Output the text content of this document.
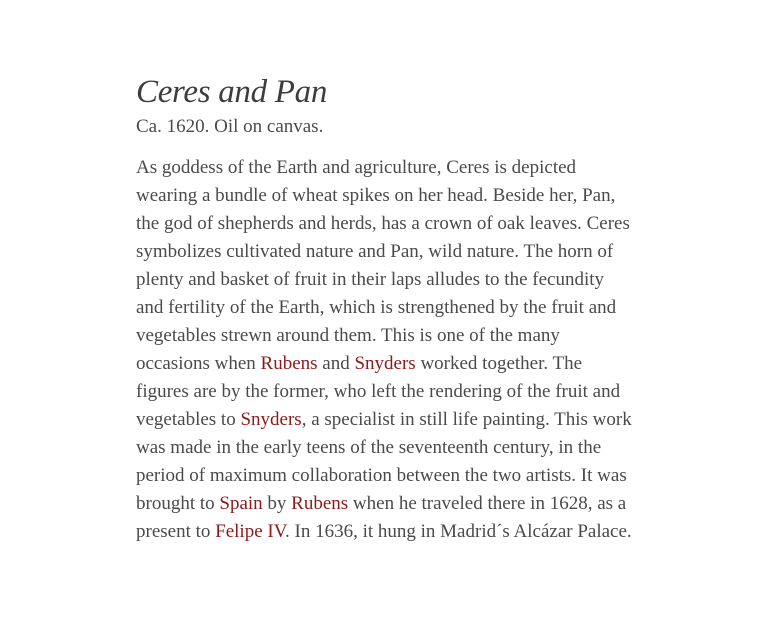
Ceres and Pan

Ca. 1620. Oil on canvas.

As goddess of the Earth and agriculture, Ceres is depicted wearing a bundle of wheat spikes on her head. Beside her, Pan, the god of shepherds and herds, has a crown of oak leaves. Ceres symbolizes cultivated nature and Pan, wild nature. The horn of plenty and basket of fruit in their laps alludes to the fecundity and fertility of the Earth, which is strengthened by the fruit and vegetables strewn around them. This is one of the many occasions when Rubens and Snyders worked together. The figures are by the former, who left the rendering of the fruit and vegetables to Snyders, a specialist in still life painting. This work was made in the early teens of the seventeenth century, in the period of maximum collaboration between the two artists. It was brought to Spain by Rubens when he traveled there in 1628, as a present to Felipe IV. In 1636, it hung in Madrid´s Alcázar Palace.
